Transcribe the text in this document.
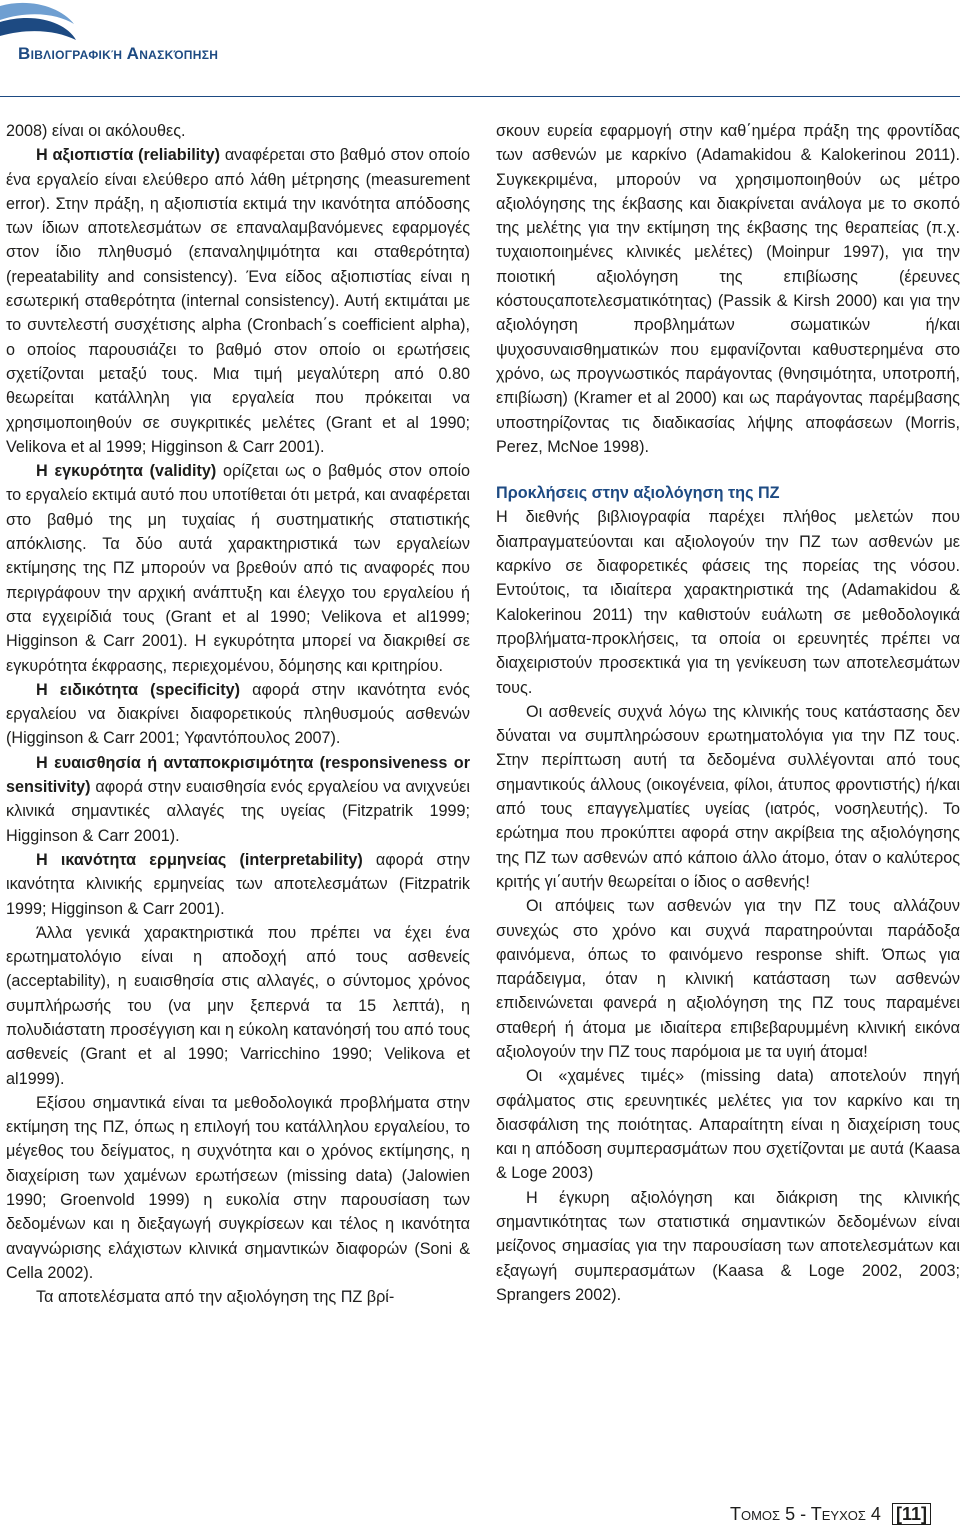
Βιβλιογραφική Ανασκόπηση

2008) είναι οι ακόλουθες.

Η αξιοπιστία (reliability) αναφέρεται στο βαθμό στον οποίο ένα εργαλείο είναι ελεύθερο από λάθη μέτρησης (measurement error). Στην πράξη, η αξιοπιστία εκτιμά την ικανότητα απόδοσης των ίδιων αποτελεσμάτων σε επαναλαμβανόμενες εφαρμογές στον ίδιο πληθυσμό (επαναληψιμότητα και σταθερότητα) (repeatability and consistency). Ένα είδος αξιοπιστίας είναι η εσωτερική σταθερότητα (internal consistency). Αυτή εκτιμάται με το συντελεστή συσχέτισης alpha (Cronbach΄s coefficient alpha), ο οποίος παρουσιάζει το βαθμό στον οποίο οι ερωτήσεις σχετίζονται μεταξύ τους. Μια τιμή μεγαλύτερη από 0.80 θεωρείται κατάλληλη για εργαλεία που πρόκειται να χρησιμοποιηθούν σε συγκριτικές μελέτες (Grant et al 1990; Velikova et al 1999; Higginson & Carr 2001).

Η εγκυρότητα (validity) ορίζεται ως ο βαθμός στον οποίο το εργαλείο εκτιμά αυτό που υποτίθεται ότι μετρά, και αναφέρεται στο βαθμό της μη τυχαίας ή συστηματικής στατιστικής απόκλισης. Τα δύο αυτά χαρακτηριστικά των εργαλείων εκτίμησης της ΠΖ μπορούν να βρεθούν από τις αναφορές που περιγράφουν την αρχική ανάπτυξη και έλεγχο του εργαλείου ή στα εγχειρίδιά τους (Grant et al 1990; Velikova et al1999; Higginson & Carr 2001). Η εγκυρότητα μπορεί να διακριθεί σε εγκυρότητα έκφρασης, περιεχομένου, δόμησης και κριτηρίου.

Η ειδικότητα (specificity) αφορά στην ικανότητα ενός εργαλείου να διακρίνει διαφορετικούς πληθυσμούς ασθενών (Higginson & Carr 2001; Υφαντόπουλος 2007).

Η ευαισθησία ή ανταποκρισιμότητα (responsiveness or sensitivity) αφορά στην ευαισθησία ενός εργαλείου να ανιχνεύει κλινικά σημαντικές αλλαγές της υγείας (Fitzpatrik 1999; Higginson & Carr 2001).

Η ικανότητα ερμηνείας (interpretability) αφορά στην ικανότητα κλινικής ερμηνείας των αποτελεσμάτων (Fitzpatrik 1999; Higginson & Carr 2001).

Άλλα γενικά χαρακτηριστικά που πρέπει να έχει ένα ερωτηματολόγιο είναι η αποδοχή από τους ασθενείς (acceptability), η ευαισθησία στις αλλαγές, ο σύντομος χρόνος συμπλήρωσής του (να μην ξεπερνά τα 15 λεπτά), η πολυδιάστατη προσέγγιση και η εύκολη κατανόησή του από τους ασθενείς (Grant et al 1990; Varricchino 1990; Velikova et al1999).

Εξίσου σημαντικά είναι τα μεθοδολογικά προβλήματα στην εκτίμηση της ΠΖ, όπως η επιλογή του κατάλληλου εργαλείου, το μέγεθος του δείγματος, η συχνότητα και ο χρόνος εκτίμησης, η διαχείριση των χαμένων ερωτήσεων (missing data) (Jalowien 1990; Groenvold 1999) η ευκολία στην παρουσίαση των δεδομένων και η διεξαγωγή συγκρίσεων και τέλος η ικανότητα αναγνώρισης ελάχιστων κλινικά σημαντικών διαφορών (Soni & Cella 2002).

Τα αποτελέσματα από την αξιολόγηση της ΠΖ βρί-

σκουν ευρεία εφαρμογή στην καθ΄ημέρα πράξη της φροντίδας των ασθενών με καρκίνο (Adamakidou & Kalokerinou 2011). Συγκεκριμένα, μπορούν να χρησιμοποιηθούν ως μέτρο αξιολόγησης της έκβασης και διακρίνεται ανάλογα με το σκοπό της μελέτης για την εκτίμηση της έκβασης της θεραπείας (π.χ. τυχαιοποιημένες κλινικές μελέτες) (Moinpur 1997), για την ποιοτική αξιολόγηση της επιβίωσης (έρευνες κόστουςαποτελεσματικότητας) (Passik & Kirsh 2000) και για την αξιολόγηση προβλημάτων σωματικών ή/και ψυχοσυναισθηματικών που εμφανίζονται καθυστερημένα στο χρόνο, ως προγνωστικός παράγοντας (θνησιμότητα, υποτροπή, επιβίωση) (Kramer et al 2000) και ως παράγοντας παρέμβασης υποστηρίζοντας τις διαδικασίας λήψης αποφάσεων (Morris, Perez, McNoe 1998).

Προκλήσεις στην αξιολόγηση της ΠΖ

Η διεθνής βιβλιογραφία παρέχει πλήθος μελετών που διαπραγματεύονται και αξιολογούν την ΠΖ των ασθενών με καρκίνο σε διαφορετικές φάσεις της πορείας της νόσου. Εντούτοις, τα ιδιαίτερα χαρακτηριστικά της (Adamakidou & Kalokerinou 2011) την καθιστούν ευάλωτη σε μεθοδολογικά προβλήματα-προκλήσεις, τα οποία οι ερευνητές πρέπει να διαχειριστούν προσεκτικά για τη γενίκευση των αποτελεσμάτων τους.

Οι ασθενείς συχνά λόγω της κλινικής τους κατάστασης δεν δύναται να συμπληρώσουν ερωτηματολόγια για την ΠΖ τους. Στην περίπτωση αυτή τα δεδομένα συλλέγονται από τους σημαντικούς άλλους (οικογένεια, φίλοι, άτυπος φροντιστής) ή/και από τους επαγγελματίες υγείας (ιατρός, νοσηλευτής). Το ερώτημα που προκύπτει αφορά στην ακρίβεια της αξιολόγησης της ΠΖ των ασθενών από κάποιο άλλο άτομο, όταν ο καλύτερος κριτής γι΄αυτήν θεωρείται ο ίδιος ο ασθενής!

Οι απόψεις των ασθενών για την ΠΖ τους αλλάζουν συνεχώς στο χρόνο και συχνά παρατηρούνται παράδοξα φαινόμενα, όπως το φαινόμενο response shift. Όπως για παράδειγμα, όταν η κλινική κατάσταση των ασθενών επιδεινώνεται φανερά η αξιολόγηση της ΠΖ τους παραμένει σταθερή ή άτομα με ιδιαίτερα επιβεβαρυμμένη κλινική εικόνα αξιολογούν την ΠΖ τους παρόμοια με τα υγιή άτομα!

Οι «χαμένες τιμές» (missing data) αποτελούν πηγή σφάλματος στις ερευνητικές μελέτες για τον καρκίνο και τη διασφάλιση της ποιότητας. Απαραίτητη είναι η διαχείριση τους και η απόδοση συμπερασμάτων που σχετίζονται με αυτά (Kaasa & Loge 2003)

Η έγκυρη αξιολόγηση και διάκριση της κλινικής σημαντικότητας των στατιστικά σημαντικών δεδομένων είναι μείζονος σημασίας για την παρουσίαση των αποτελεσμάτων και εξαγωγή συμπερασμάτων (Kaasa & Loge 2002, 2003; Sprangers 2002).

Τομος 5 - Τευχος 4 [11]
